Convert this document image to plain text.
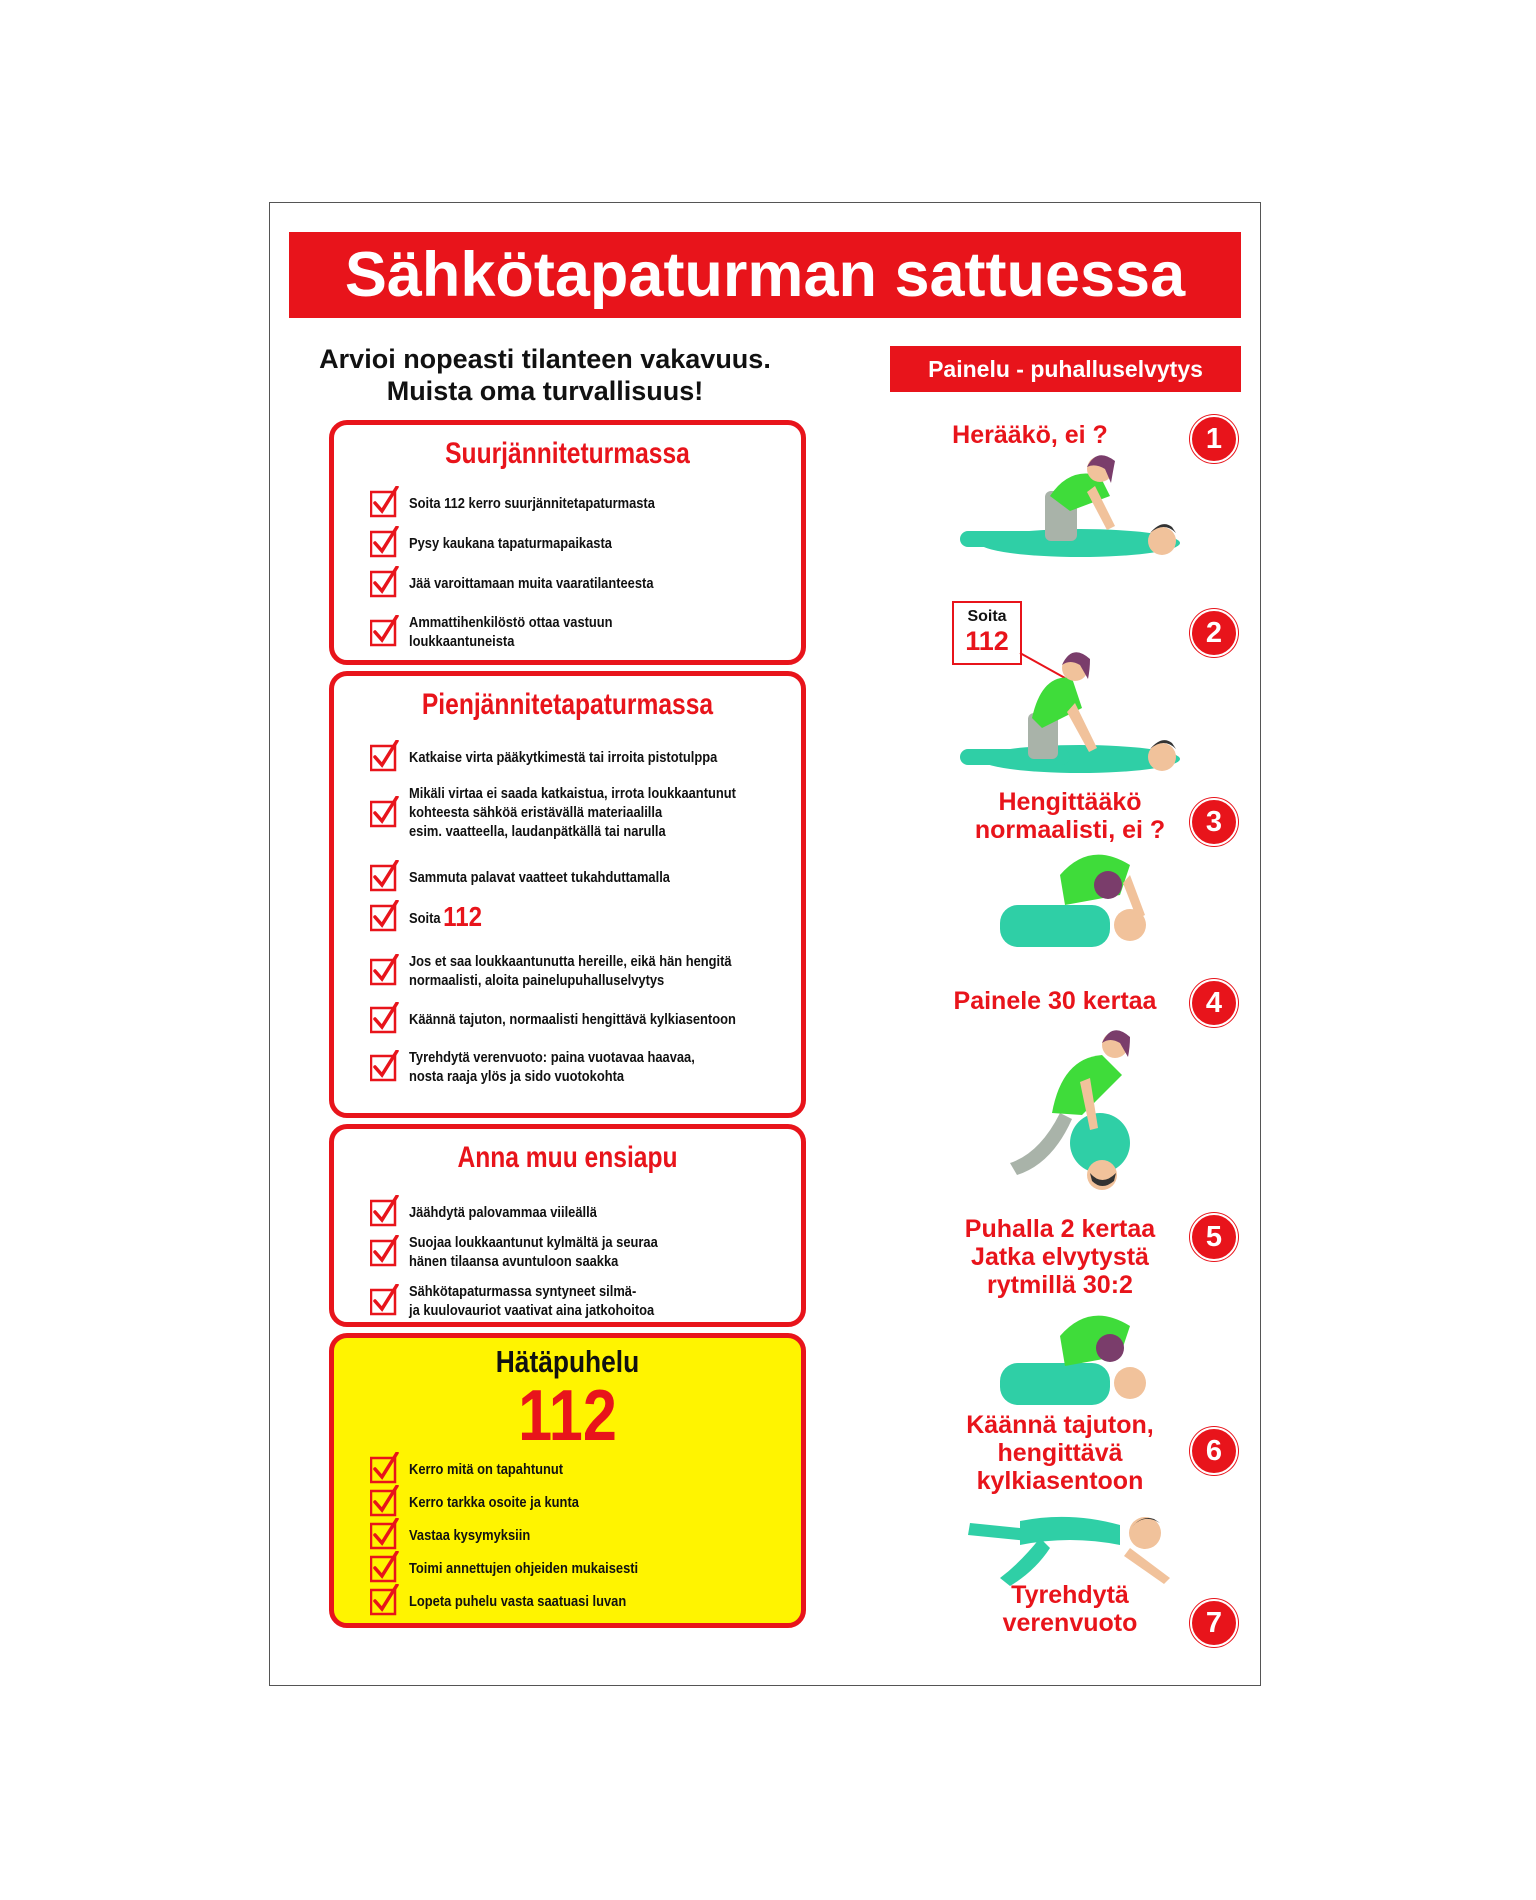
Sähkötapaturman sattuessa
Arvioi nopeasti tilanteen vakavuus.
Muista oma turvallisuus!
Suurjänniteturmassa
Soita 112 kerro suurjännitetapaturmasta
Pysy kaukana tapaturmapaikasta
Jää varoittamaan muita vaaratilanteesta
Ammattihenkilöstö ottaa vastuun
loukkaantuneista
Pienjännitetapaturmassa
Katkaise virta pääkytkimestä tai irroita pistotulppa
Mikäli virtaa ei saada katkaistua, irrota loukkaantunut
kohteesta sähköä eristävällä materiaalilla
esim. vaatteella, laudanpätkällä tai narulla
Sammuta palavat vaatteet tukahduttamalla
Soita112
Jos et saa loukkaantunutta hereille, eikä hän hengitä
normaalisti, aloita painelupuhalluselvytys
Käännä tajuton, normaalisti hengittävä kylkiasentoon
Tyrehdytä verenvuoto: paina vuotavaa haavaa,
nosta raaja ylös ja sido vuotokohta
Anna muu ensiapu
Jäähdytä palovammaa viileällä
Suojaa loukkaantunut kylmältä ja seuraa
hänen tilaansa avuntuloon saakka
Sähkötapaturmassa syntyneet silmä-
ja kuulovauriot vaativat aina jatkohoitoa
Hätäpuhelu
112
Kerro mitä on tapahtunut
Kerro tarkka osoite ja kunta
Vastaa kysymyksiin
Toimi annettujen ohjeiden mukaisesti
Lopeta puhelu vasta saatuasi luvan
Painelu - puhalluselvytys
Herääkö, ei ?	1
Soita
112	2
Hengittääkö
normaalisti, ei ?	3
Painele 30 kertaa	4
Puhalla 2 kertaa
Jatka elvytystä
rytmillä 30:2
5
Käännä tajuton,
hengittävä
kylkiasentoon
6
Tyrehdytä
verenvuoto	7
